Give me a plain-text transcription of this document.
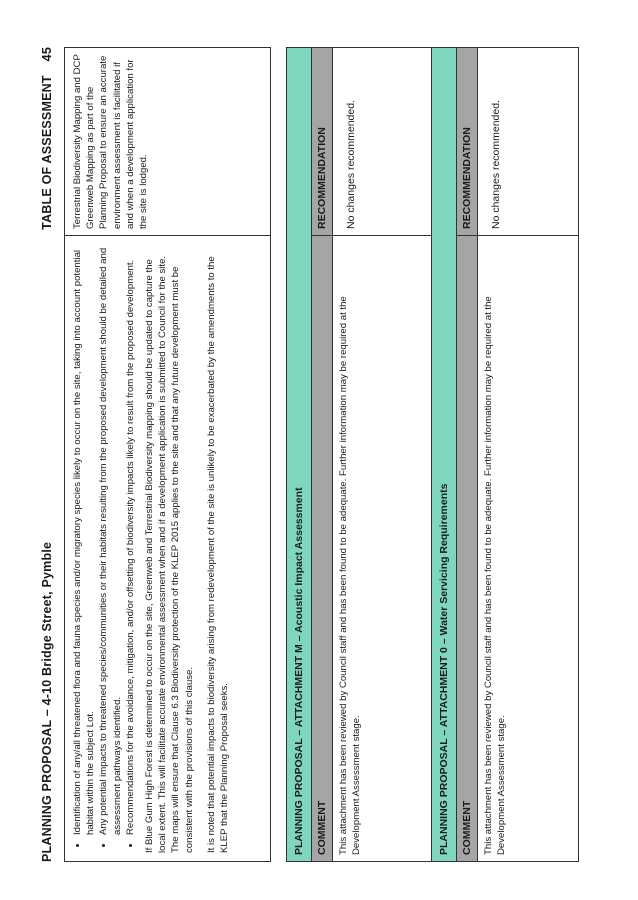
PLANNING PROPOSAL – 4-10 Bridge Street, Pymble
TABLE OF ASSESSMENT45
• Identification of any/all threatened flora and fauna species and/or migratory species likely to occur on the site, taking into account potential habitat within the subject Lot. • Any potential impacts to threatened species/communities or their habitats resulting from the proposed development should be detailed and assessment pathways identified. • Recommendations for the avoidance, mitigation, and/or offsetting of biodiversity impacts likely to result from the proposed development. If Blue Gum High Forest is determined to occur on the site, Greenweb and Terrestrial Biodiversity mapping should be updated to capture the local extent. This will facilitate accurate environmental assessment when and if a development application is submitted to Council for the site. The maps will ensure that Clause 6.3 Biodiversity protection of the KLEP 2015 applies to the site and that any future development must be consistent with the provisions of this clause. It is noted that potential impacts to biodiversity arising from redevelopment of the site is unlikely to be exacerbated by the amendments to the KLEP that the Planning Proposal seeks.

Terrestrial Biodiversity Mapping and DCP Greenweb Mapping as part of the Planning Proposal to ensure an accurate environment assessment is facilitated if and when a development application for the site is lodged.
PLANNING PROPOSAL – ATTACHMENT M – Acoustic Impact Assessment	COMMENT
RECOMMENDATION
This attachment has been reviewed by Council staff and has been found to be adequate. Further information may be required at the Development Assessment stage.
No changes recommended.
PLANNING PROPOSAL – ATTACHMENT 0 – Water Servicing Requirements	COMMENT
RECOMMENDATION
This attachment has been reviewed by Council staff and has been found to be adequate. Further information may be required at the Development Assessment stage.
No changes recommended.
